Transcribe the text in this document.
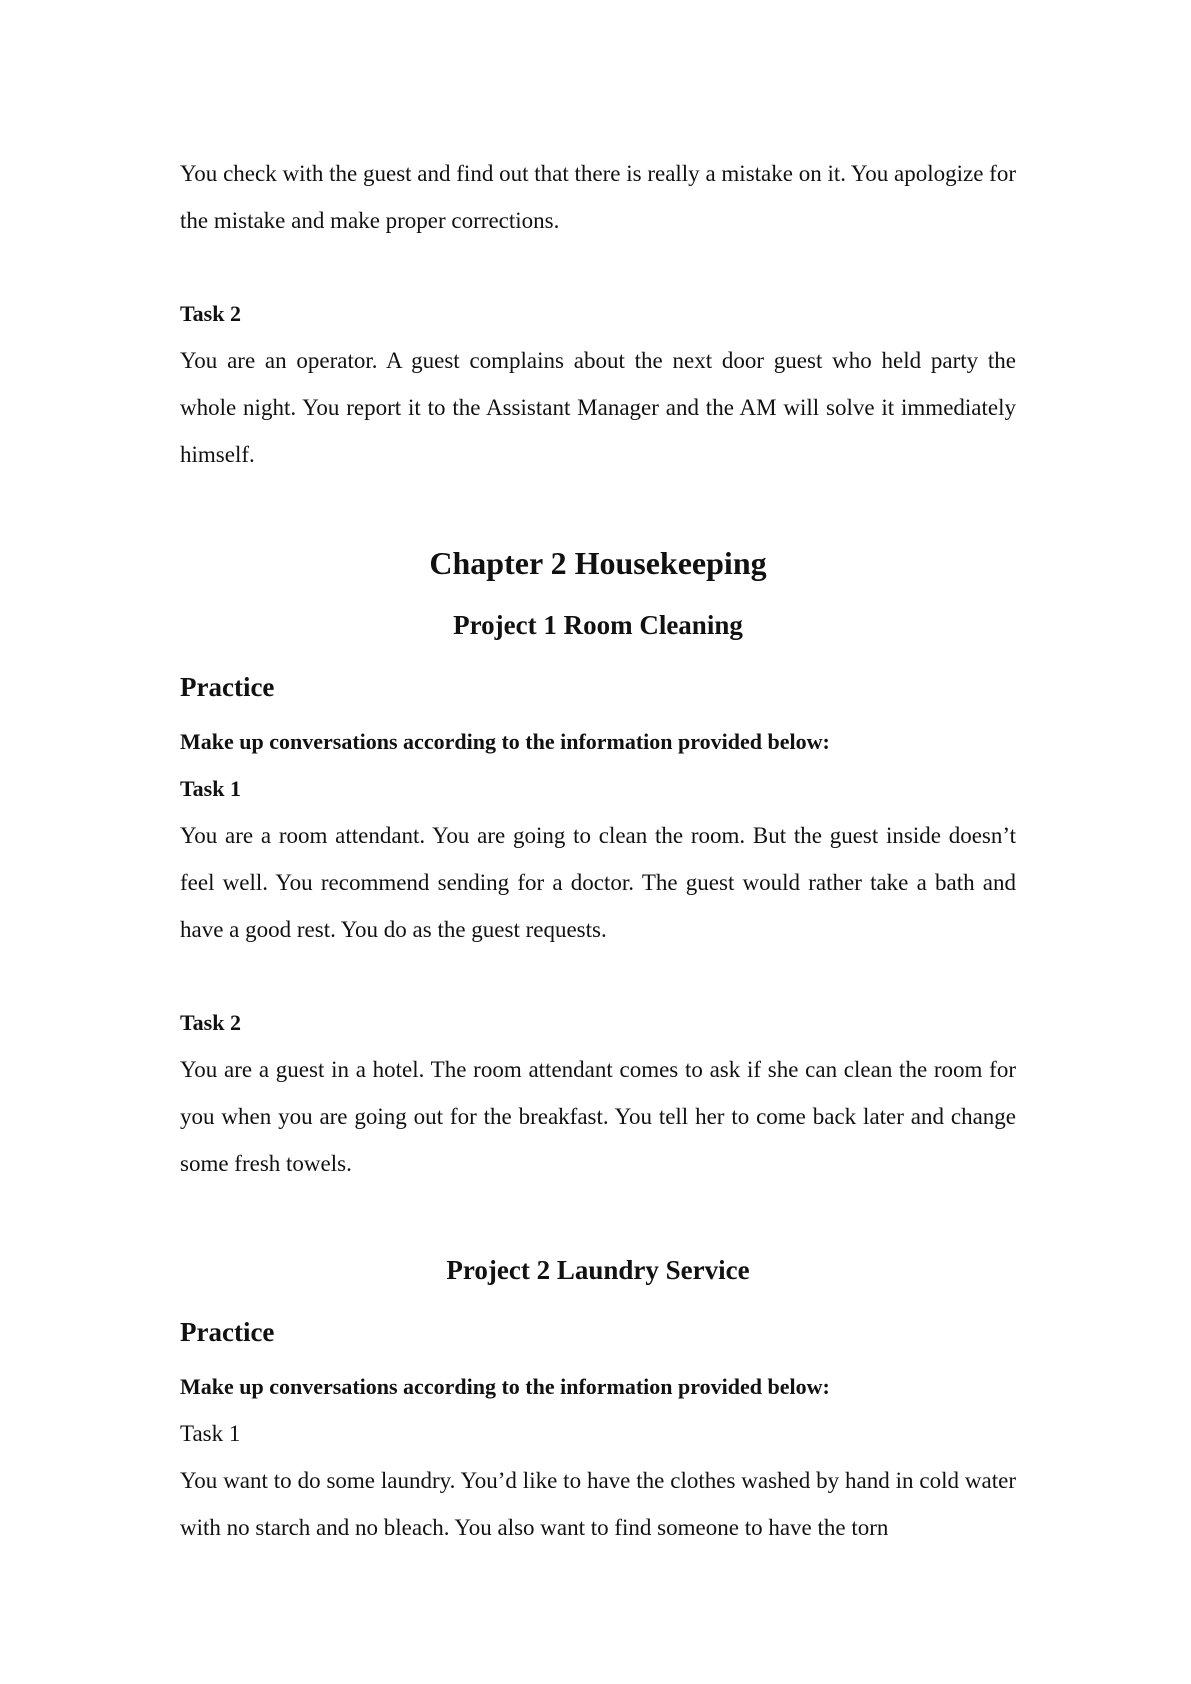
You check with the guest and find out that there is really a mistake on it. You apologize for the mistake and make proper corrections.

Task 2

You are an operator. A guest complains about the next door guest who held party the whole night. You report it to the Assistant Manager and the AM will solve it immediately himself.

Chapter 2 Housekeeping
Project 1 Room Cleaning
Practice

Make up conversations according to the information provided below:

Task 1

You are a room attendant. You are going to clean the room. But the guest inside doesn’t feel well. You recommend sending for a doctor. The guest would rather take a bath and have a good rest. You do as the guest requests.

Task 2

You are a guest in a hotel. The room attendant comes to ask if she can clean the room for you when you are going out for the breakfast. You tell her to come back later and change some fresh towels.

Project 2 Laundry Service
Practice

Make up conversations according to the information provided below:

Task 1

You want to do some laundry. You’d like to have the clothes washed by hand in cold water with no starch and no bleach. You also want to find someone to have the torn
